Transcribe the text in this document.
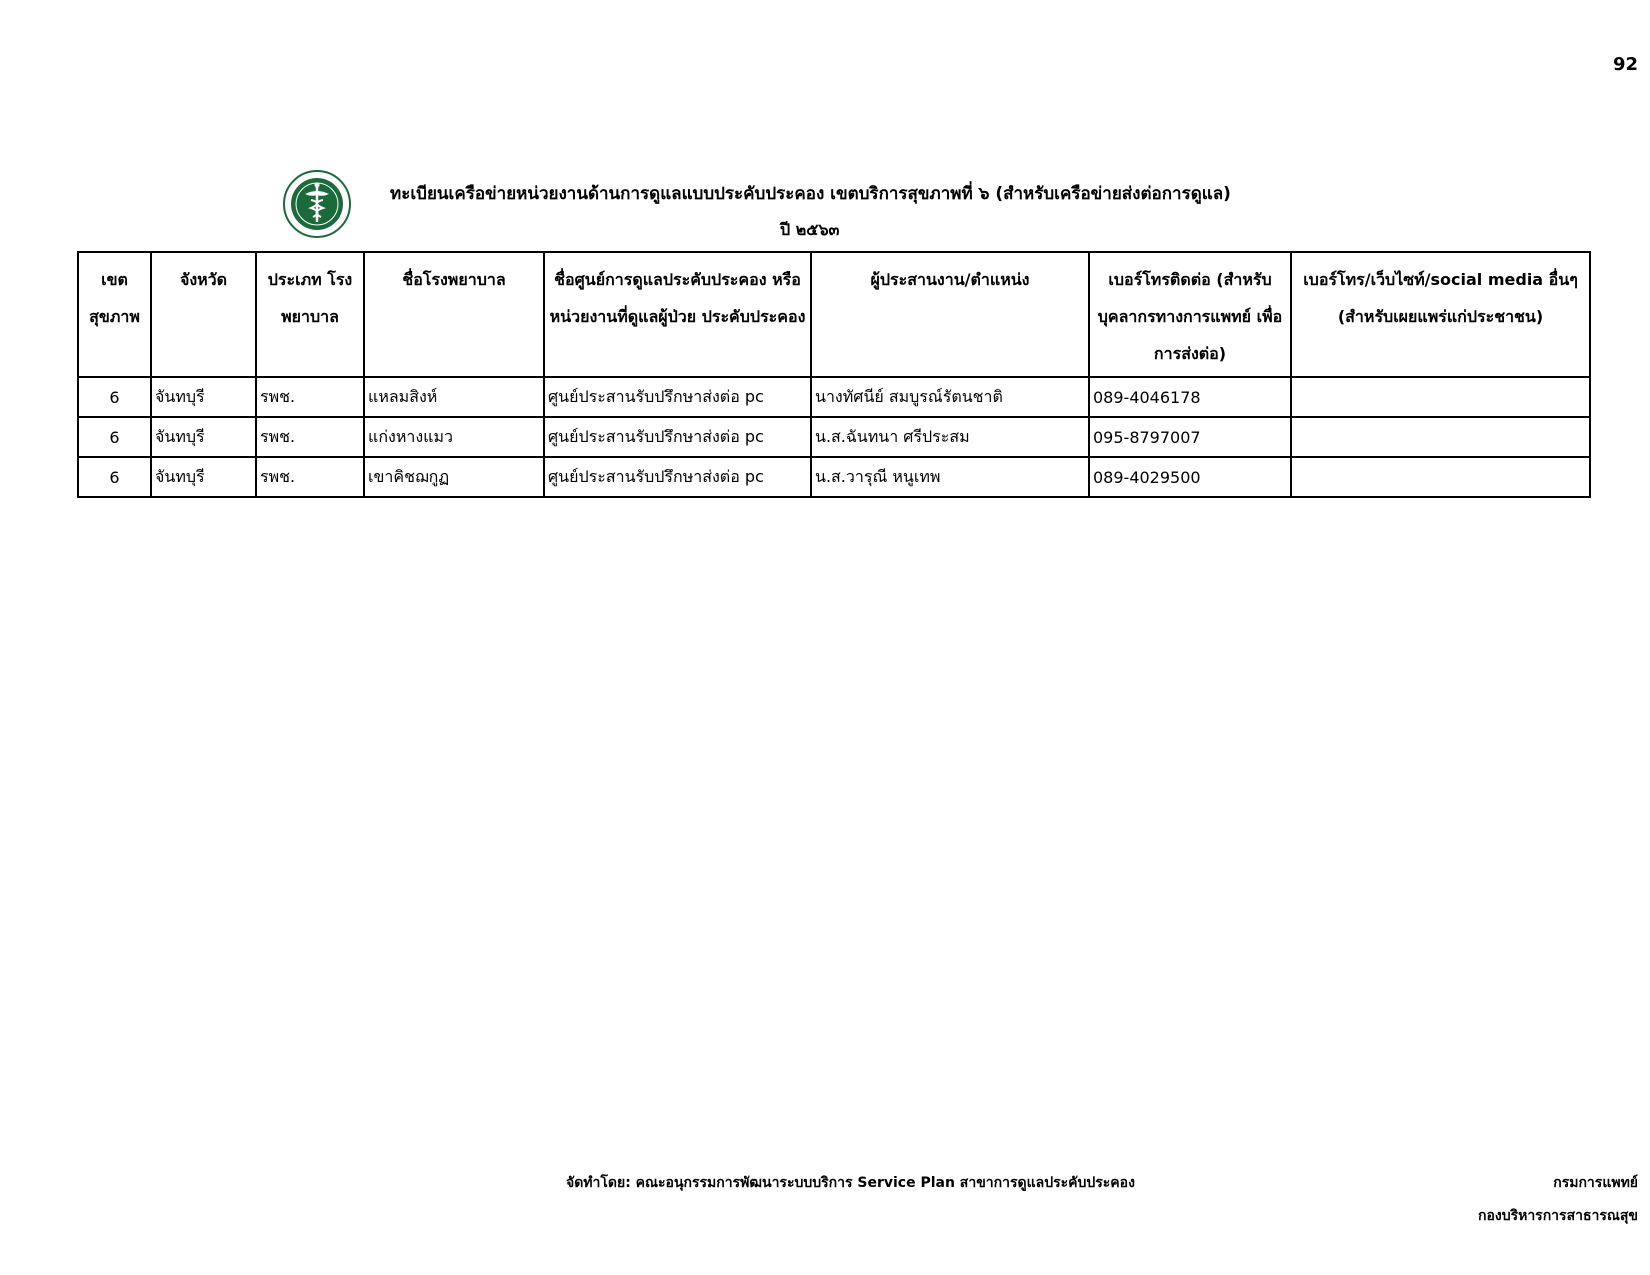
92
ทะเบียนเครือข่ายหน่วยงานด้านการดูแลแบบประคับประคอง เขตบริการสุขภาพที่ ๖ (สำหรับเครือข่ายส่งต่อการดูแล)
ปี ๒๕๖๓
เขต สุขภาพ	จังหวัด	ประเภท โรงพยาบาล	ชื่อโรงพยาบาล	ชื่อศูนย์การดูแลประคับประคอง หรือ หน่วยงานที่ดูแลผู้ป่วย ประคับประคอง	ผู้ประสานงาน/ตำแหน่ง	เบอร์โทรติดต่อ (สำหรับ บุคลากรทางการแพทย์ เพื่อการส่งต่อ)	เบอร์โทร/เว็บไซท์/social media อื่นๆ (สำหรับเผยแพร่แก่ประชาชน)
6	จันทบุรี	รพช.	แหลมสิงห์	ศูนย์ประสานรับปรึกษาส่งต่อ pc	นางทัศนีย์ สมบูรณ์รัตนชาติ	089-4046178	
6	จันทบุรี	รพช.	แก่งหางแมว	ศูนย์ประสานรับปรึกษาส่งต่อ pc	น.ส.ฉันทนา ศรีประสม	095-8797007	
6	จันทบุรี	รพช.	เขาคิชฌกูฏ	ศูนย์ประสานรับปรึกษาส่งต่อ pc	น.ส.วารุณี หนูเทพ	089-4029500	
จัดทำโดย: คณะอนุกรรมการพัฒนาระบบบริการ Service Plan สาขาการดูแลประคับประคอง	กรมการแพทย์
กองบริหารการสาธารณสุข
